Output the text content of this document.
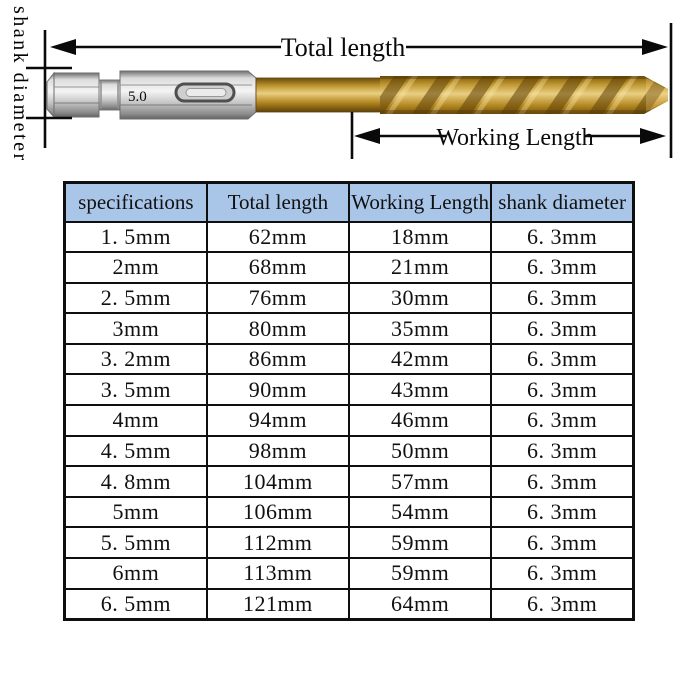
shank diameter	5.0
Total length
Working Length
specifications	Total length	Working Length	shank diameter
1. 5mm	62mm	18mm	6. 3mm
2mm	68mm	21mm	6. 3mm
2. 5mm	76mm	30mm	6. 3mm
3mm	80mm	35mm	6. 3mm
3. 2mm	86mm	42mm	6. 3mm
3. 5mm	90mm	43mm	6. 3mm
4mm	94mm	46mm	6. 3mm
4. 5mm	98mm	50mm	6. 3mm
4. 8mm	104mm	57mm	6. 3mm
5mm	106mm	54mm	6. 3mm
5. 5mm	112mm	59mm	6. 3mm
6mm	113mm	59mm	6. 3mm
6. 5mm	121mm	64mm	6. 3mm
